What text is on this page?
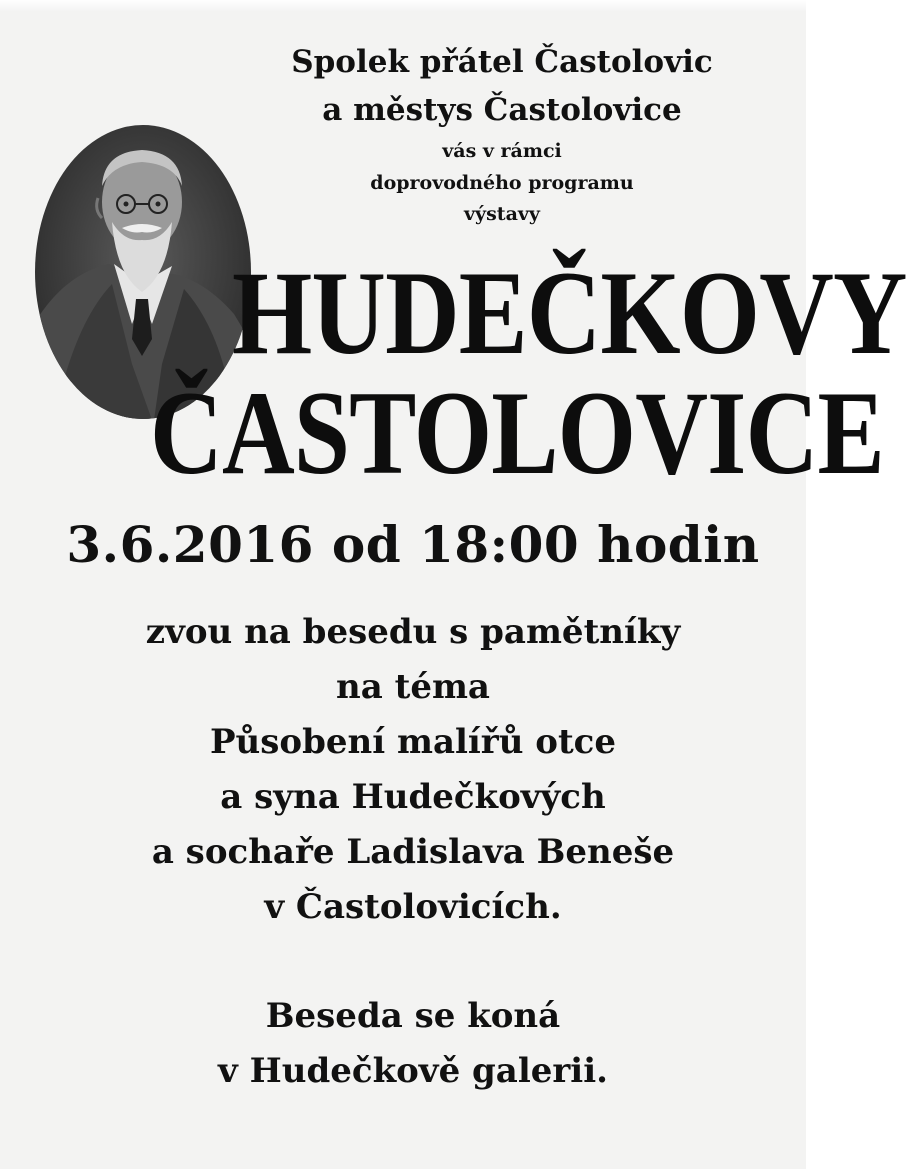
Spolek přátel Častolovic
a městys Častolovice
vás v rámci
doprovodného programu
výstavy
HUDEČKOVY
ČASTOLOVICE
3.6.2016 od 18:00 hodin
zvou na besedu s pamětníky
na téma
Působení malířů otce
a syna Hudečkových
a sochaře Ladislava Beneše
v Častolovicích.
Beseda se koná
v Hudečkově galerii.
